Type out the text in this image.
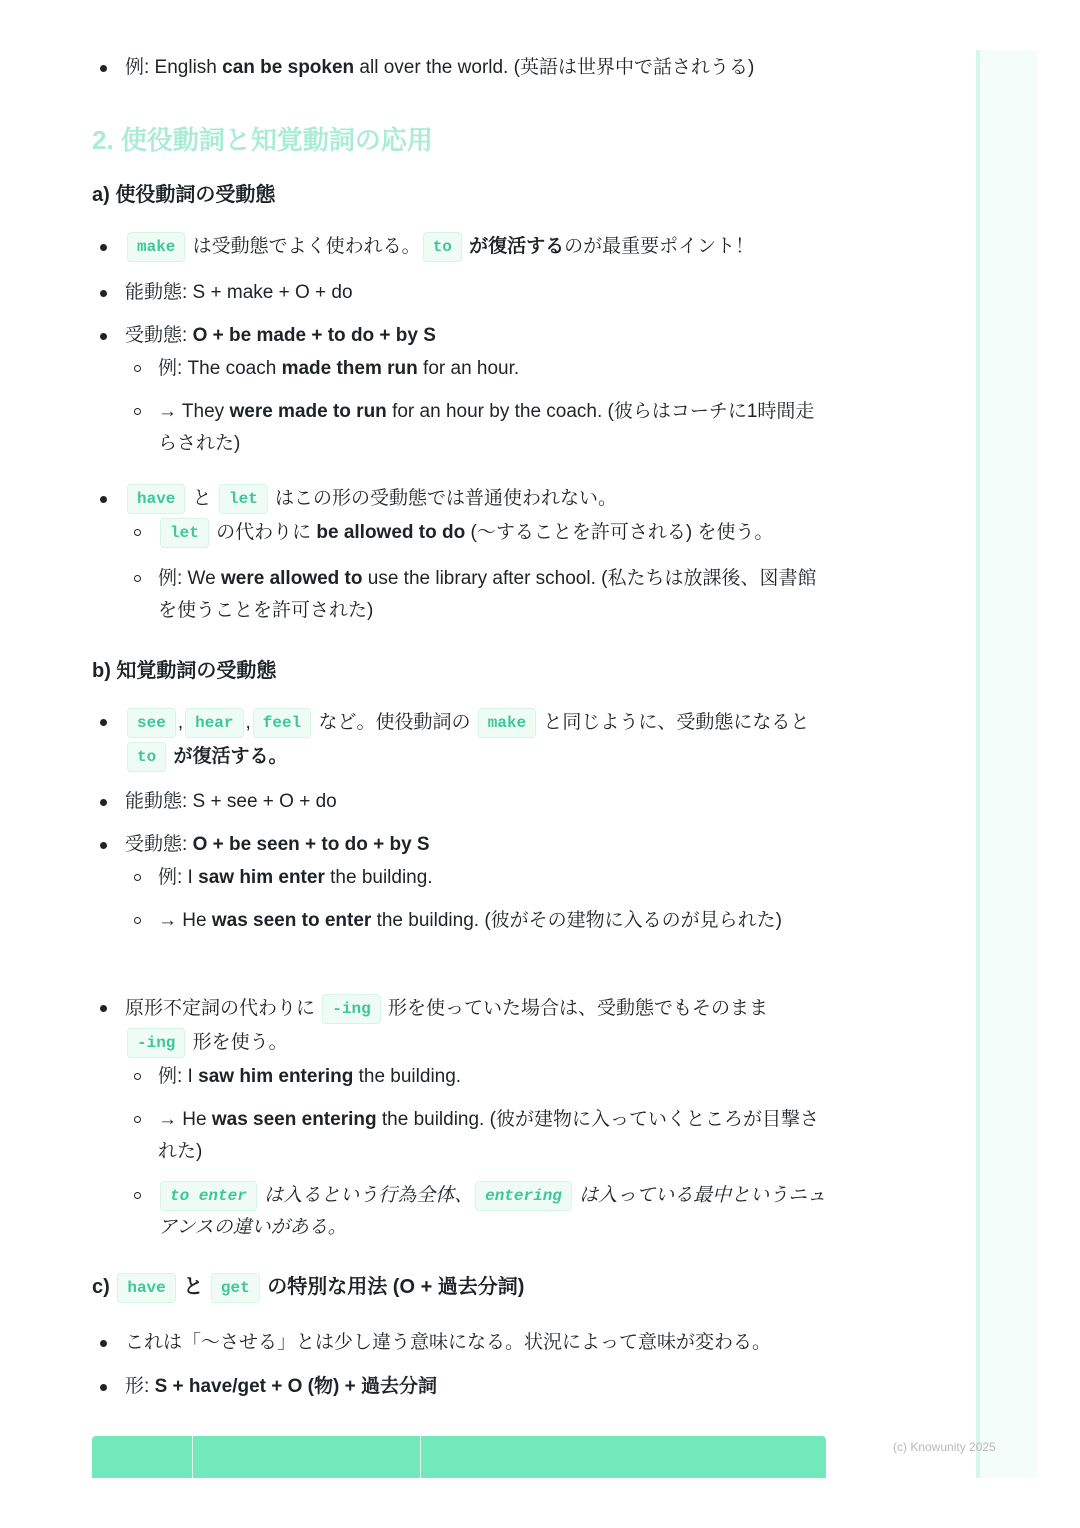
(c) Knowunity 2025
例: English can be spoken all over the world. (英語は世界中で話されうる)
2. 使役動詞と知覚動詞の応用
a) 使役動詞の受動態
make は受動態でよく使われる。 to が復活するのが最重要ポイント！
能動態: S + make + O + do
受動態: O + be made + to do + by S
例: The coach made them run for an hour.
→ They were made to run for an hour by the coach. (彼らはコーチに1時間走らされた)
have と let はこの形の受動態では普通使われない。
let の代わりに be allowed to do (〜することを許可される) を使う。
例: We were allowed to use the library after school. (私たちは放課後、図書館を使うことを許可された)
b) 知覚動詞の受動態
see , hear , feel など。使役動詞の make と同じように、受動態になると to が復活する。
能動態: S + see + O + do
受動態: O + be seen + to do + by S
例: I saw him enter the building.
→ He was seen to enter the building. (彼がその建物に入るのが見られた)
原形不定詞の代わりに -ing 形を使っていた場合は、受動態でもそのまま -ing 形を使う。
例: I saw him entering the building.
→ He was seen entering the building. (彼が建物に入っていくところが目撃された)
to enter は入るという行為全体、 entering は入っている最中というニュアンスの違いがある。
c) have と get の特別な用法 (O + 過去分詞)
これは「〜させる」とは少し違う意味になる。状況によって意味が変わる。
形: S + have/get + O (物) + 過去分詞
